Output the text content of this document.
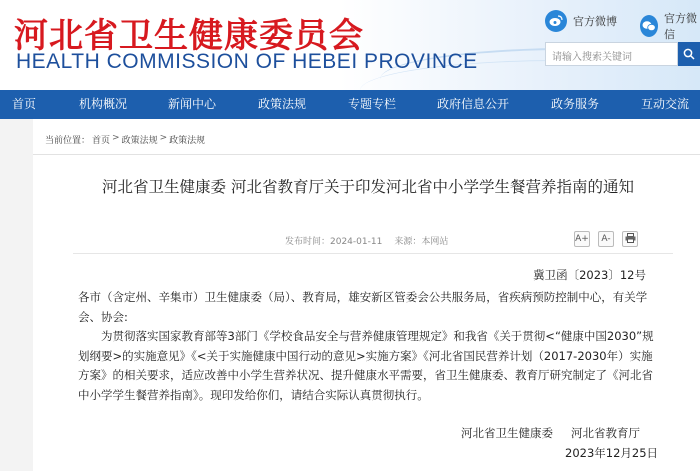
河北省卫生健康委员会
HEALTH COMMISSION OF HEBEI PROVINCE
官方微博	官方微信
请输入搜索关键词
首页	机构概况	新闻中心	政策法规	专题专栏	政府信息公开	政务服务	互动交流
当前位置： 首页 > 政策法规 > 政策法规
河北省卫生健康委 河北省教育厅关于印发河北省中小学学生餐营养指南的通知
发布时间：2024-01-11 来源：本网站	A+	A-
冀卫函〔2023〕12号

各市（含定州、辛集市）卫生健康委（局）、教育局，雄安新区管委会公共服务局，省疾病预防控制中心，有关学会、协会:

为贯彻落实国家教育部等3部门《学校食品安全与营养健康管理规定》和我省《关于贯彻<“健康中国2030”规划纲要>的实施意见》《<关于实施健康中国行动的意见>实施方案》《河北省国民营养计划（2017-2030年）实施方案》的相关要求，适应改善中小学生营养状况、提升健康水平需要，省卫生健康委、教育厅研究制定了《河北省中小学学生餐营养指南》。现印发给你们，请结合实际认真贯彻执行。

河北省卫生健康委 河北省教育厅
2023年12月25日
